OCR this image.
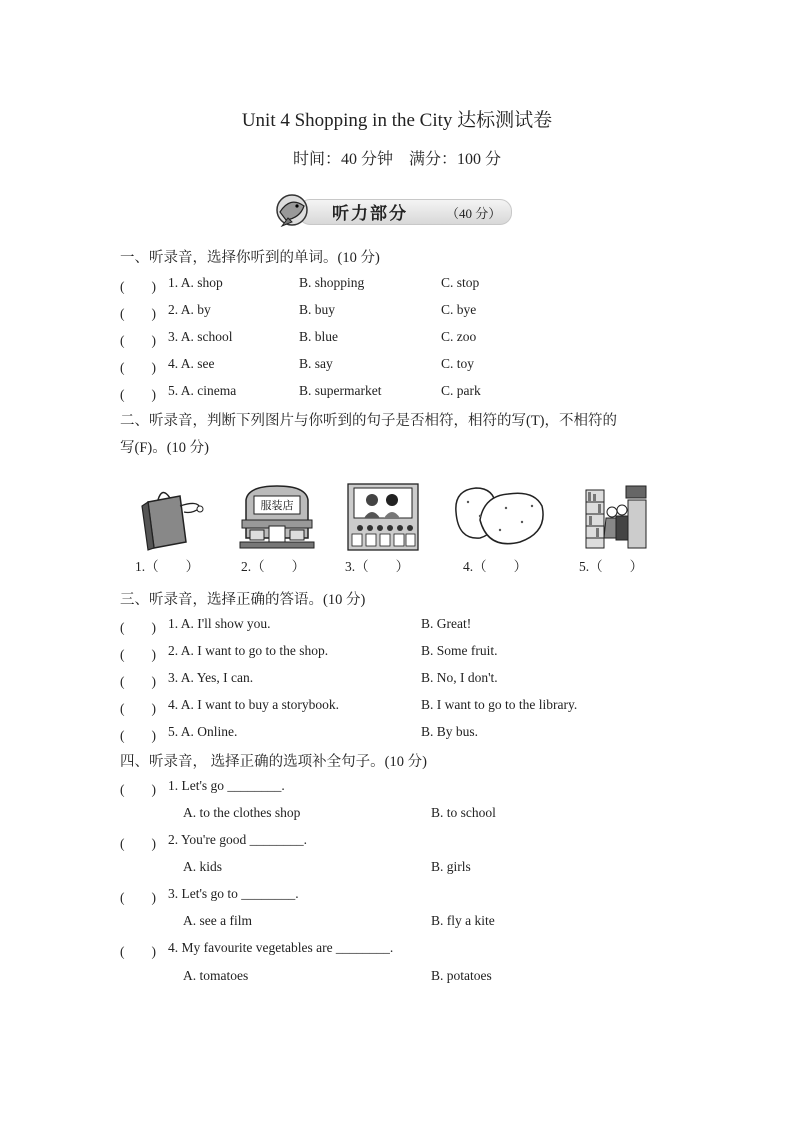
Unit 4 Shopping in the City 达标测试卷
时间：40 分钟　满分：100 分
听力部分	（40 分）
一、听录音，选择你听到的单词。(10 分)
(　　) 1. A. shop	B. shopping	C. stop
(　　) 2. A. by	B. buy	C. bye
(　　) 3. A. school	B. blue	C. zoo
(　　) 4. A. see	B. say	C. toy
(　　) 5. A. cinema	B. supermarket	C. park
二、听录音，判断下列图片与你听到的句子是否相符，相符的写(T)，不相符的
写(F)。(10 分)
服装店
1.（　　）	2.（　　）	3.（　　）	4.（　　）	5.（　　）
三、听录音，选择正确的答语。(10 分)
(　　) 1. A. I'll show you.	B. Great!
(　　) 2. A. I want to go to the shop.	B. Some fruit.
(　　) 3. A. Yes, I can.	B. No, I don't.
(　　) 4. A. I want to buy a storybook.	B. I want to go to the library.
(　　) 5. A. Online.	B. By bus.
四、听录音， 选择正确的选项补全句子。(10 分)
(　　) 1. Let's go ________.
A. to the clothes shop	B. to school
(　　) 2. You're good ________.
A. kids	B. girls
(　　) 3. Let's go to ________.
A. see a film	B. fly a kite
(　　) 4. My favourite vegetables are ________.
A. tomatoes	B. potatoes
